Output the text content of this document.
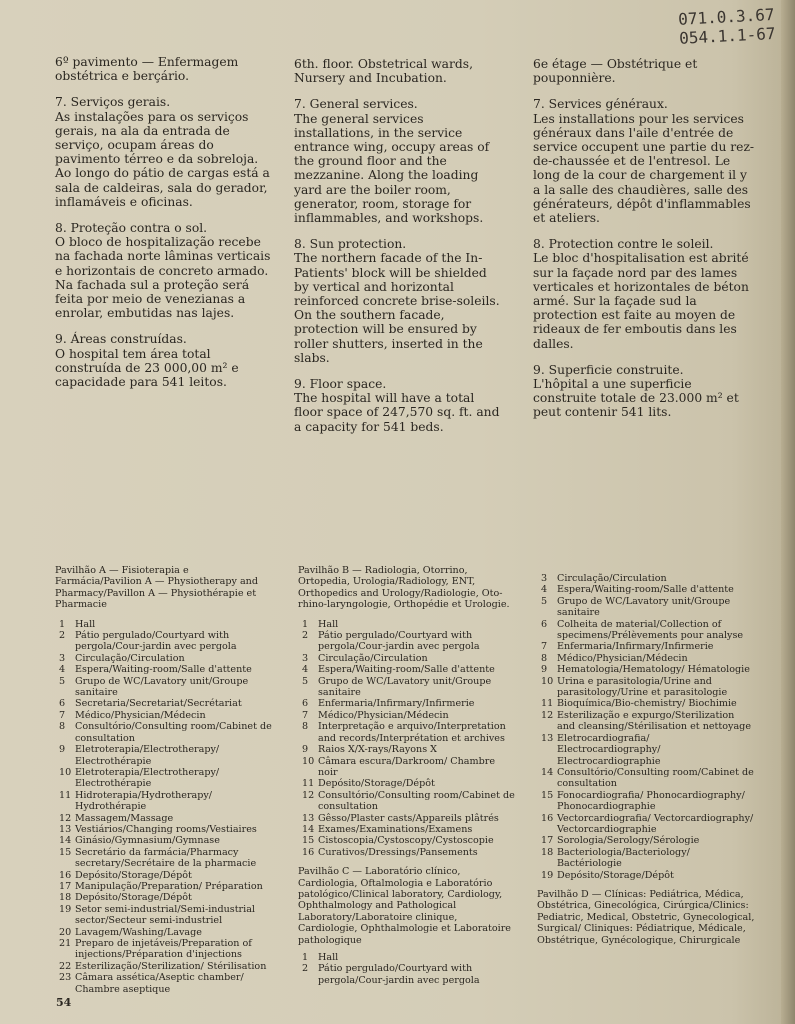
071.0.3.67
054.1.1-67
6º pavimento — Enfermagem
obstétrica e berçário.
7. Serviços gerais.
As instalações para os serviços gerais, na ala da entrada de serviço, ocupam áreas do pavimento térreo e da sobreloja. Ao longo do pátio de cargas está a sala de caldeiras, sala do gerador, inflamáveis e oficinas.
8. Proteção contra o sol.
O bloco de hospitalização recebe na fachada norte lâminas verticais e horizontais de concreto armado. Na fachada sul a proteção será feita por meio de venezianas a enrolar, embutidas nas lajes.
9. Áreas construídas.
O hospital tem área total construída de 23 000,00 m² e capacidade para 541 leitos.
6th. floor. Obstetrical wards,
Nursery and Incubation.
7. General services.
The general services installations, in the service entrance wing, occupy areas of the ground floor and the mezzanine. Along the loading yard are the boiler room, generator, room, storage for inflammables, and workshops.
8. Sun protection.
The northern facade of the In-Patients' block will be shielded by vertical and horizontal reinforced concrete brise-soleils. On the southern facade, protection will be ensured by roller shutters, inserted in the slabs.
9. Floor space.
The hospital will have a total floor space of 247,570 sq. ft. and a capacity for 541 beds.
6e étage — Obstétrique et
pouponnière.
7. Services généraux.
Les installations pour les services généraux dans l'aile d'entrée de service occupent une partie du rez-de-chaussée et de l'entresol. Le long de la cour de chargement il y a la salle des chaudières, salle des générateurs, dépôt d'inflammables et ateliers.
8. Protection contre le soleil.
Le bloc d'hospitalisation est abrité sur la façade nord par des lames verticales et horizontales de béton armé. Sur la façade sud la protection est faite au moyen de rideaux de fer emboutis dans les dalles.
9. Superficie construite.
L'hôpital a une superficie construite totale de 23.000 m² et peut contenir 541 lits.
Pavilhão A — Fisioterapia e Farmácia/Pavilion A — Physiotherapy and Pharmacy/Pavillon A — Physiothérapie et Pharmacie
1	Hall
2	Pátio pergulado/Courtyard with pergola/Cour-jardin avec pergola
3	Circulação/Circulation
4	Espera/Waiting-room/Salle d'attente
5	Grupo de WC/Lavatory unit/Groupe sanitaire
6	Secretaria/Secretariat/Secrétariat
7	Médico/Physician/Médecin
8	Consultório/Consulting room/Cabinet de consultation
9	Eletroterapia/Electrotherapy/ Electrothérapie
10 Eletroterapia/Electrotherapy/ Electrothérapie
11 Hidroterapia/Hydrotherapy/ Hydrothérapie
12 Massagem/Massage
13 Vestiários/Changing rooms/Vestiaires
14 Ginásio/Gymnasium/Gymnase
15 Secretário da farmácia/Pharmacy secretary/Secrétaire de la pharmacie
16 Depósito/Storage/Dépôt
17 Manipulação/Preparation/ Préparation
18 Depósito/Storage/Dépôt
19 Setor semi-industrial/Semi-industrial sector/Secteur semi-industriel
20 Lavagem/Washing/Lavage
21 Preparo de injetáveis/Preparation of injections/Préparation d'injections
22 Esterilização/Sterilization/ Stérilisation
23 Câmara assética/Aseptic chamber/ Chambre aseptique
Pavilhão B — Radiologia, Otorrino, Ortopedia, Urologia/Radiology, ENT, Orthopedics and Urology/Radiologie, Oto-rhino-laryngologie, Orthopédie et Urologie.
1	Hall
2	Pátio pergulado/Courtyard with pergola/Cour-jardin avec pergola
3	Circulação/Circulation
4	Espera/Waiting-room/Salle d'attente
5	Grupo de WC/Lavatory unit/Groupe sanitaire
6	Enfermaria/Infirmary/Infirmerie
7	Médico/Physician/Médecin
8	Interpretação e arquivo/Interpretation and records/Interprétation et archives
9	Raios X/X-rays/Rayons X
10 Câmara escura/Darkroom/ Chambre noir
11 Depósito/Storage/Dépôt
12 Consultório/Consulting room/Cabinet de consultation
13 Gêsso/Plaster casts/Appareils plâtrés
14 Exames/Examinations/Examens
15 Cistoscopia/Cystoscopy/Cystoscopie
16 Curativos/Dressings/Pansements
Pavilhão C — Laboratório clínico, Cardiologia, Oftalmologia e Laboratório patológico/Clinical laboratory, Cardiology, Ophthalmology and Pathological Laboratory/Laboratoire clinique, Cardiologie, Ophthalmologie et Laboratoire pathologique
1	Hall
2	Pátio pergulado/Courtyard with pergola/Cour-jardin avec pergola
3	Circulação/Circulation
4	Espera/Waiting-room/Salle d'attente
5	Grupo de WC/Lavatory unit/Groupe sanitaire
6	Colheita de material/Collection of specimens/Prélèvements pour analyse
7	Enfermaria/Infirmary/Infirmerie
8	Médico/Physician/Médecin
9	Hematologia/Hematology/ Hématologie
10 Urina e parasitologia/Urine and parasitology/Urine et parasitologie
11 Bioquímica/Bio-chemistry/ Biochimie
12 Esterilização e expurgo/Sterilization and cleansing/Stérilisation et nettoyage
13 Eletrocardiografia/ Electrocardiography/ Electrocardiographie
14 Consultório/Consulting room/Cabinet de consultation
15 Fonocardiografia/ Phonocardiography/ Phonocardiographie
16 Vectorcardiografia/ Vectorcardiography/ Vectorcardiographie
17 Sorologia/Serology/Sérologie
18 Bacteriologia/Bacteriology/ Bactériologie
19 Depósito/Storage/Dépôt
Pavilhão D — Clínicas: Pediátrica, Médica, Obstétrica, Ginecológica, Cirúrgica/Clinics: Pediatric, Medical, Obstetric, Gynecological, Surgical/ Cliniques: Pédiatrique, Médicale, Obstétrique, Gynécologique, Chirurgicale
54
